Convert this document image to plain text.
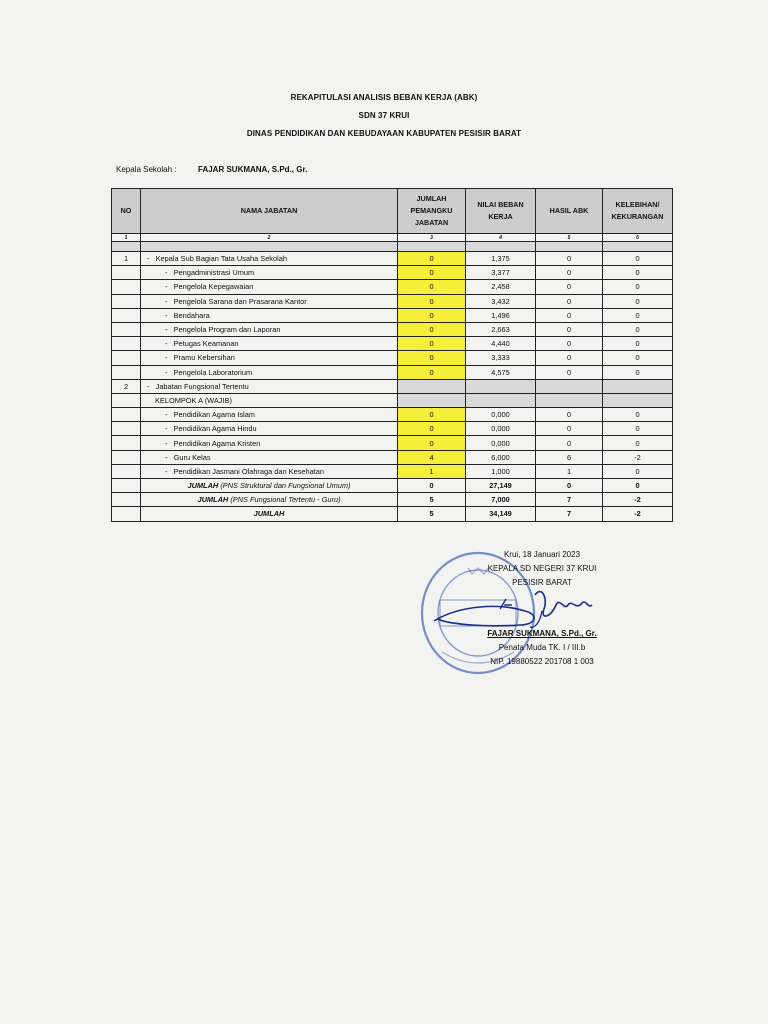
REKAPITULASI ANALISIS BEBAN KERJA (ABK)
SDN 37 KRUI
DINAS PENDIDIKAN DAN KEBUDAYAAN KABUPATEN PESISIR BARAT
Kepala Sekolah :	FAJAR SUKMANA, S.Pd., Gr.
NO	NAMA JABATAN	JUMLAH PEMANGKU JABATAN	NILAI BEBAN KERJA	HASIL ABK	KELEBIHAN/ KEKURANGAN
1	2	3	4	5	6

1	-   Kepala Sub Bagian Tata Usaha Sekolah	0	1,375	0	0
	-   Pengadministrasi Umum	0	3,377	0	0
	-   Pengelola Kepegawaian	0	2,458	0	0
	-   Pengelola Sarana dan Prasarana Kantor	0	3,432	0	0
	-   Bendahara	0	1,496	0	0
	-   Pengelola Program dan Laporan	0	2,663	0	0
	-   Petugas Keamanan	0	4,440	0	0
	-   Pramu Kebersihan	0	3,333	0	0
	-   Pengelola Laboratorium	0	4,575	0	0
2	-   Jabatan Fungsional Tertentu				
	KELOMPOK A (WAJIB)				
	-   Pendidikan Agama Islam	0	0,000	0	0
	-   Pendidikan Agama Hindu	0	0,000	0	0
	-   Pendidikan Agama Kristen	0	0,000	0	0
	-   Guru Kelas	4	6,000	6	-2
	-   Pendidikan Jasmani Olahraga dan Kesehatan	1	1,000	1	0
	JUMLAH (PNS Struktural dan Fungsional Umum)	0	27,149	0	0
	JUMLAH (PNS Fungsional Tertentu - Guru)	5	7,000	7	-2
	JUMLAH	5	34,149	7	-2
Krui, 18 Januari 2023
KEPALA SD NEGERI 37 KRUI
PESISIR BARAT
FAJAR SUKMANA, S.Pd., Gr.
Penata Muda TK. I / III.b
NIP. 19880522 201708 1 003
